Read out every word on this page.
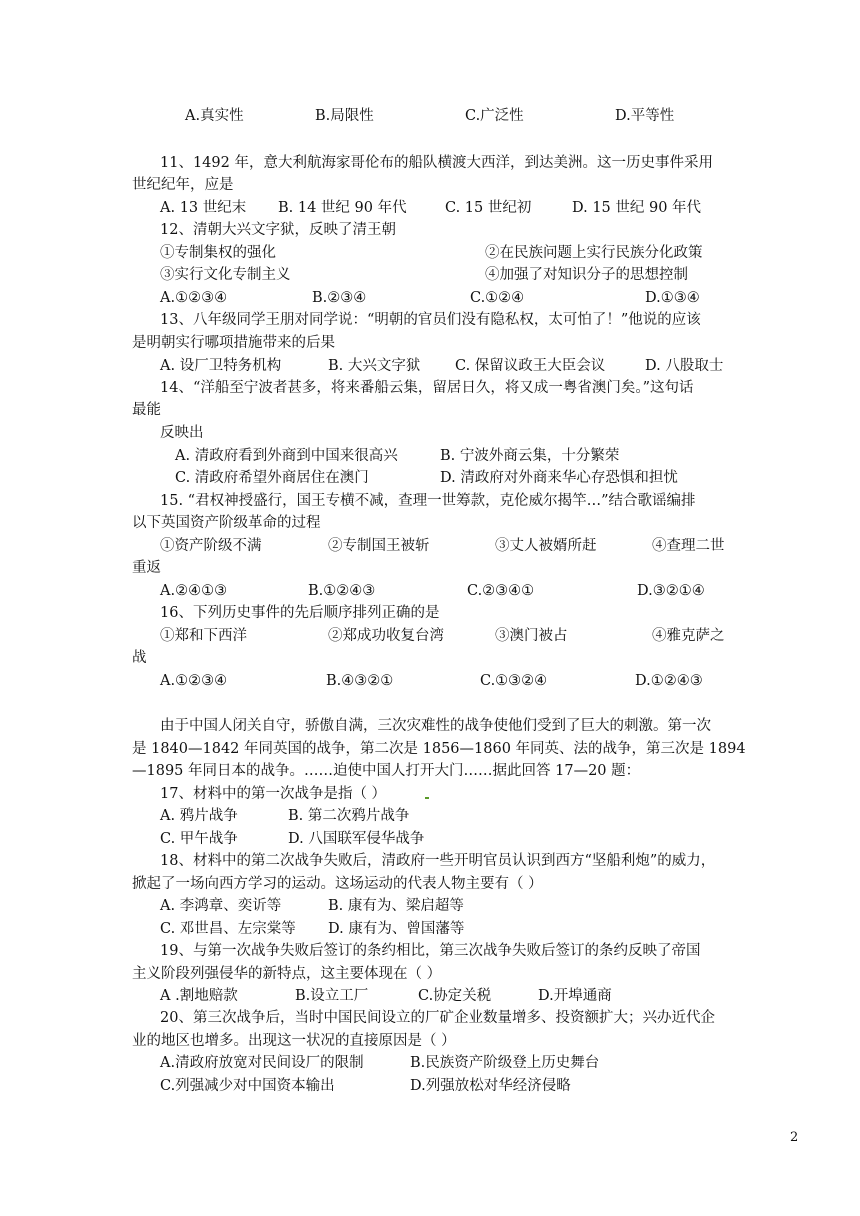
A.真实性	B.局限性	C.广泛性	D.平等性
11、1492 年，意大利航海家哥伦布的船队横渡大西洋，到达美洲。这一历史事件采用
世纪纪年，应是
A. 13 世纪末 B. 14 世纪 90 年代	C. 15 世纪初	D. 15 世纪 90 年代
12、清朝大兴文字狱，反映了清王朝
①专制集权的强化	②在民族问题上实行民族分化政策
③实行文化专制主义	④加强了对知识分子的思想控制
A.①②③④	B.②③④	C.①②④	D.①③④
13、八年级同学王朋对同学说：“明朝的官员们没有隐私权，太可怕了！”他说的应该
是明朝实行哪项措施带来的后果
A. 设厂卫特务机构	B. 大兴文字狱 C. 保留议政王大臣会议	D. 八股取士
14、“洋船至宁波者甚多，将来番船云集，留居日久，将又成一粤省澳门矣。”这句话
最能
反映出
A. 清政府看到外商到中国来很高兴	B. 宁波外商云集，十分繁荣
C. 清政府希望外商居住在澳门	D. 清政府对外商来华心存恐惧和担忧
15. “君权神授盛行，国王专横不减，查理一世筹款，克伦威尔揭竿…”结合歌谣编排
以下英国资产阶级革命的过程
①资产阶级不满	②专制国王被斩	③丈人被婿所赶	④查理二世
重返
A.②④①③	B.①②④③	C.②③④①	D.③②①④
16、下列历史事件的先后顺序排列正确的是
①郑和下西洋	②郑成功收复台湾	③澳门被占	④雅克萨之
战
A.①②③④	B.④③②①	C.①③②④	D.①②④③
由于中国人闭关自守，骄傲自满，三次灾难性的战争使他们受到了巨大的刺激。第一次
是 1840—1842 年同英国的战争，第二次是 1856—1860 年同英、法的战争，第三次是 1894
—1895 年同日本的战争。……迫使中国人打开大门……据此回答 17—20 题：
17、材料中的第一次战争是指（ ）
A. 鸦片战争	B. 第二次鸦片战争
C. 甲午战争	D. 八国联军侵华战争
18、材料中的第二次战争失败后，清政府一些开明官员认识到西方“坚船利炮”的威力，
掀起了一场向西方学习的运动。这场运动的代表人物主要有（ ）
A. 李鸿章、奕䜣等	B. 康有为、梁启超等
C. 邓世昌、左宗棠等 D. 康有为、曾国藩等
19、与第一次战争失败后签订的条约相比，第三次战争失败后签订的条约反映了帝国
主义阶段列强侵华的新特点，这主要体现在（ ）
A .割地赔款	B.设立工厂	C.协定关税	D.开埠通商
20、第三次战争后，当时中国民间设立的厂矿企业数量增多、投资额扩大；兴办近代企
业的地区也增多。出现这一状况的直接原因是（ ）
A.清政府放宽对民间设厂的限制	B.民族资产阶级登上历史舞台
C.列强减少对中国资本输出	D.列强放松对华经济侵略
2
